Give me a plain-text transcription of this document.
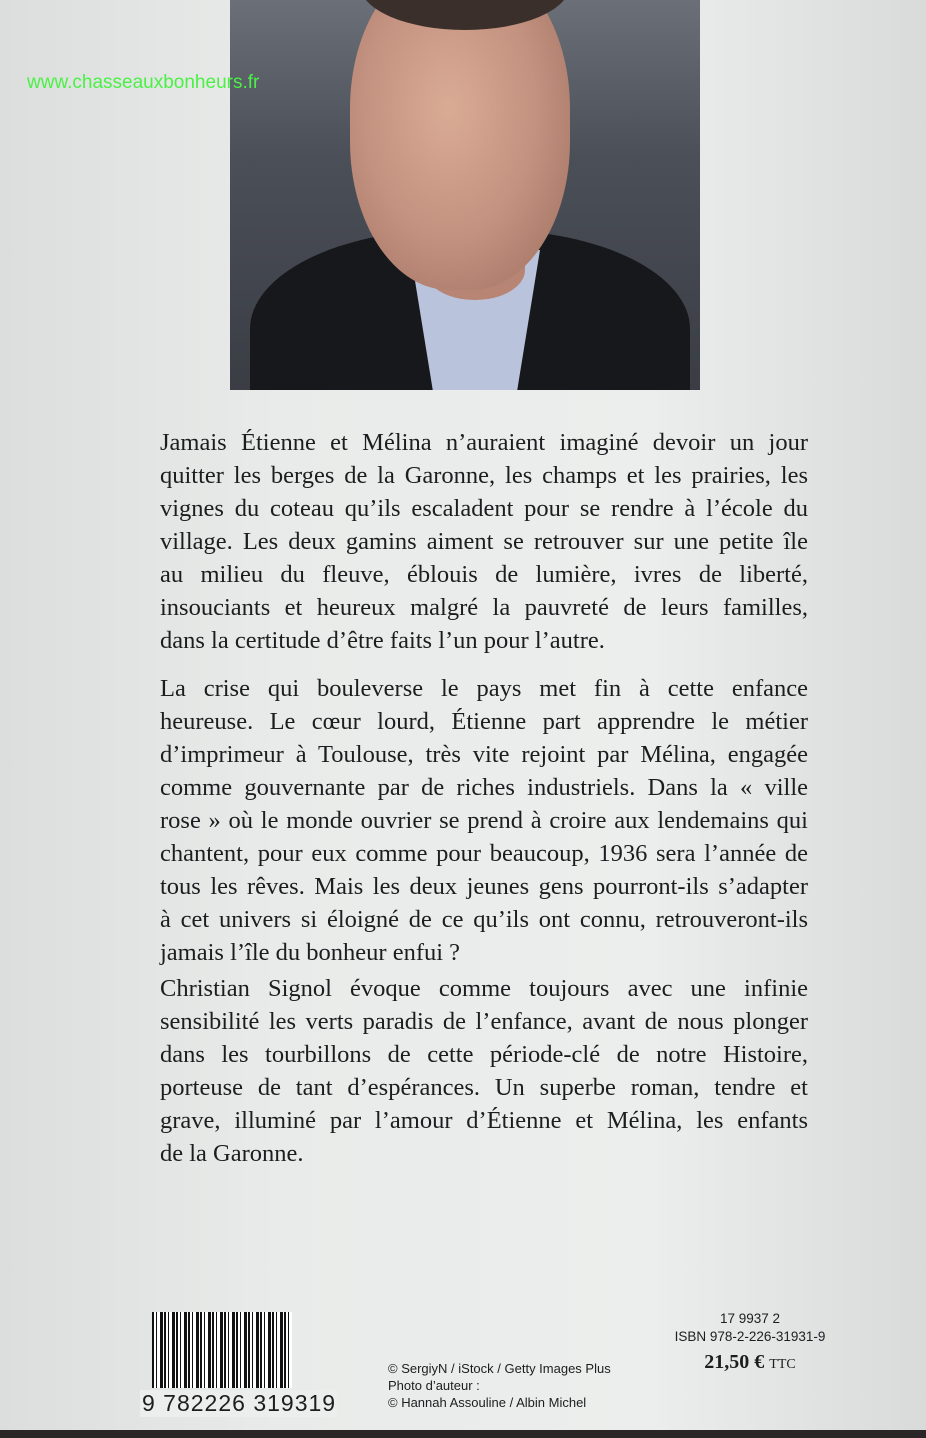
www.chasseauxbonheurs.fr
Jamais Étienne et Mélina n’auraient imaginé devoir un jour
quitter les berges de la Garonne, les champs et les prairies, les
vignes du coteau qu’ils escaladent pour se rendre à l’école du
village. Les deux gamins aiment se retrouver sur une petite île
au milieu du fleuve, éblouis de lumière, ivres de liberté,
insouciants et heureux malgré la pauvreté de leurs familles,
dans la certitude d’être faits l’un pour l’autre.
La crise qui bouleverse le pays met fin à cette enfance
heureuse. Le cœur lourd, Étienne part apprendre le métier
d’imprimeur à Toulouse, très vite rejoint par Mélina, engagée
comme gouvernante par de riches industriels. Dans la « ville
rose » où le monde ouvrier se prend à croire aux lendemains qui
chantent, pour eux comme pour beaucoup, 1936 sera l’année de
tous les rêves. Mais les deux jeunes gens pourront-ils s’adapter
à cet univers si éloigné de ce qu’ils ont connu, retrouveront-ils
jamais l’île du bonheur enfui ?
Christian Signol évoque comme toujours avec une infinie
sensibilité les verts paradis de l’enfance, avant de nous plonger
dans les tourbillons de cette période-clé de notre Histoire,
porteuse de tant d’espérances. Un superbe roman, tendre et
grave, illuminé par l’amour d’Étienne et Mélina, les enfants
de la Garonne.
9 782226 319319
© SergiyN / iStock / Getty Images Plus
Photo d’auteur :
© Hannah Assouline / Albin Michel
17 9937 2
ISBN 978-2-226-31931-9
21,50 € TTC
